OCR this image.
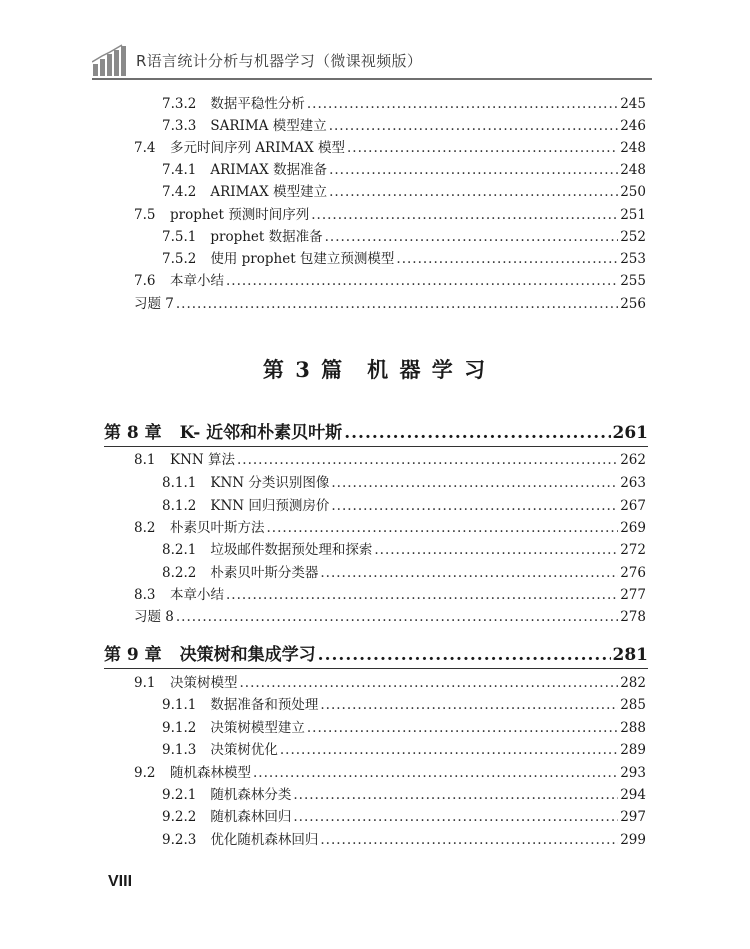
R语言统计分析与机器学习（微课视频版）
7.3.2	数据平稳性分析 .....	245
7.3.3	SARIMA 模型建立 .....	246
7.4	多元时间序列 ARIMAX 模型 .....	248
7.4.1	ARIMAX 数据准备 .....	248
7.4.2	ARIMAX 模型建立 .....	250
7.5	prophet 预测时间序列 .....	251
7.5.1	prophet 数据准备 .....	252
7.5.2	使用 prophet 包建立预测模型 .....	253
7.6	本章小结 .....	255
习题 7 .....	256
第 3 篇　机 器 学 习
第 8 章	K- 近邻和朴素贝叶斯 .....	261
8.1	KNN 算法 .....	262
8.1.1	KNN 分类识别图像 .....	263
8.1.2	KNN 回归预测房价 .....	267
8.2	朴素贝叶斯方法 .....	269
8.2.1	垃圾邮件数据预处理和探索 .....	272
8.2.2	朴素贝叶斯分类器 .....	276
8.3	本章小结 .....	277
习题 8 .....	278
第 9 章	决策树和集成学习 .....	281
9.1	决策树模型 .....	282
9.1.1	数据准备和预处理 .....	285
9.1.2	决策树模型建立 .....	288
9.1.3	决策树优化 .....	289
9.2	随机森林模型 .....	293
9.2.1	随机森林分类 .....	294
9.2.2	随机森林回归 .....	297
9.2.3	优化随机森林回归 .....	299
VIII
